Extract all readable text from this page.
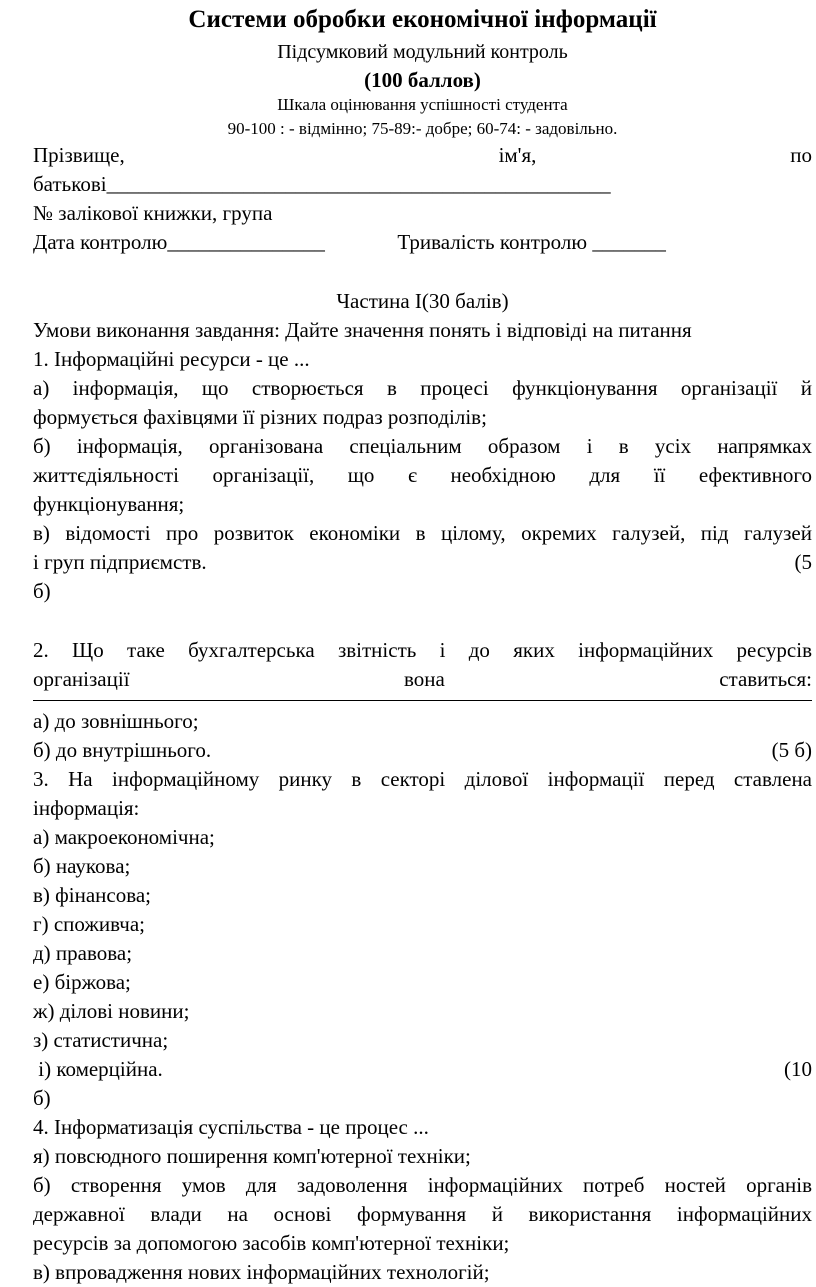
Системи обробки економічної інформації
Підсумковий модульний контроль
(100 баллов)
Шкала оцінювання успішності студента
90-100 : - відмінно; 75-89:- добре; 60-74: - задовільно.
Прізвище,	ім'я,	по
батькові________________________________________________
№ залікової книжки, група
Дата контролю_______________	Тривалість контролю _______
Частина І(30 балів)
Умови виконання завдання: Дайте значення понять і відповіді на питання
1. Інформаційні ресурси - це ...
а) інформація, що створюється в процесі функціонування організації й
формується фахівцями її різних подраз розподілів;
б) інформація, організована спеціальним образом і в усіх напрямках
життєдіяльності організації, що є необхідною для її ефективного
функціонування;
в) відомості про розвиток економіки в цілому, окремих галузей, під галузей
і груп підприємств.	(5
б)
2. Що таке бухгалтерська звітність і до яких інформаційних ресурсів
організації	вона	ставиться:
а) до зовнішнього;
б) до внутрішнього.	(5 б)
3. На інформаційному ринку в секторі ділової інформації перед ставлена
інформація:
а) макроекономічна;
б) наукова;
в) фінансова;
г) споживча;
д) правова;
е) біржова;
ж) ділові новини;
з) статистична;
і) комерційна.	(10
б)
4. Інформатизація суспільства - це процес ...
я) повсюдного поширення комп'ютерної техніки;
б) створення умов для задоволення інформаційних потреб ностей органів
державної влади на основі формування й використання інформаційних
ресурсів за допомогою засобів комп'ютерної техніки;
в) впровадження нових інформаційних технологій;
